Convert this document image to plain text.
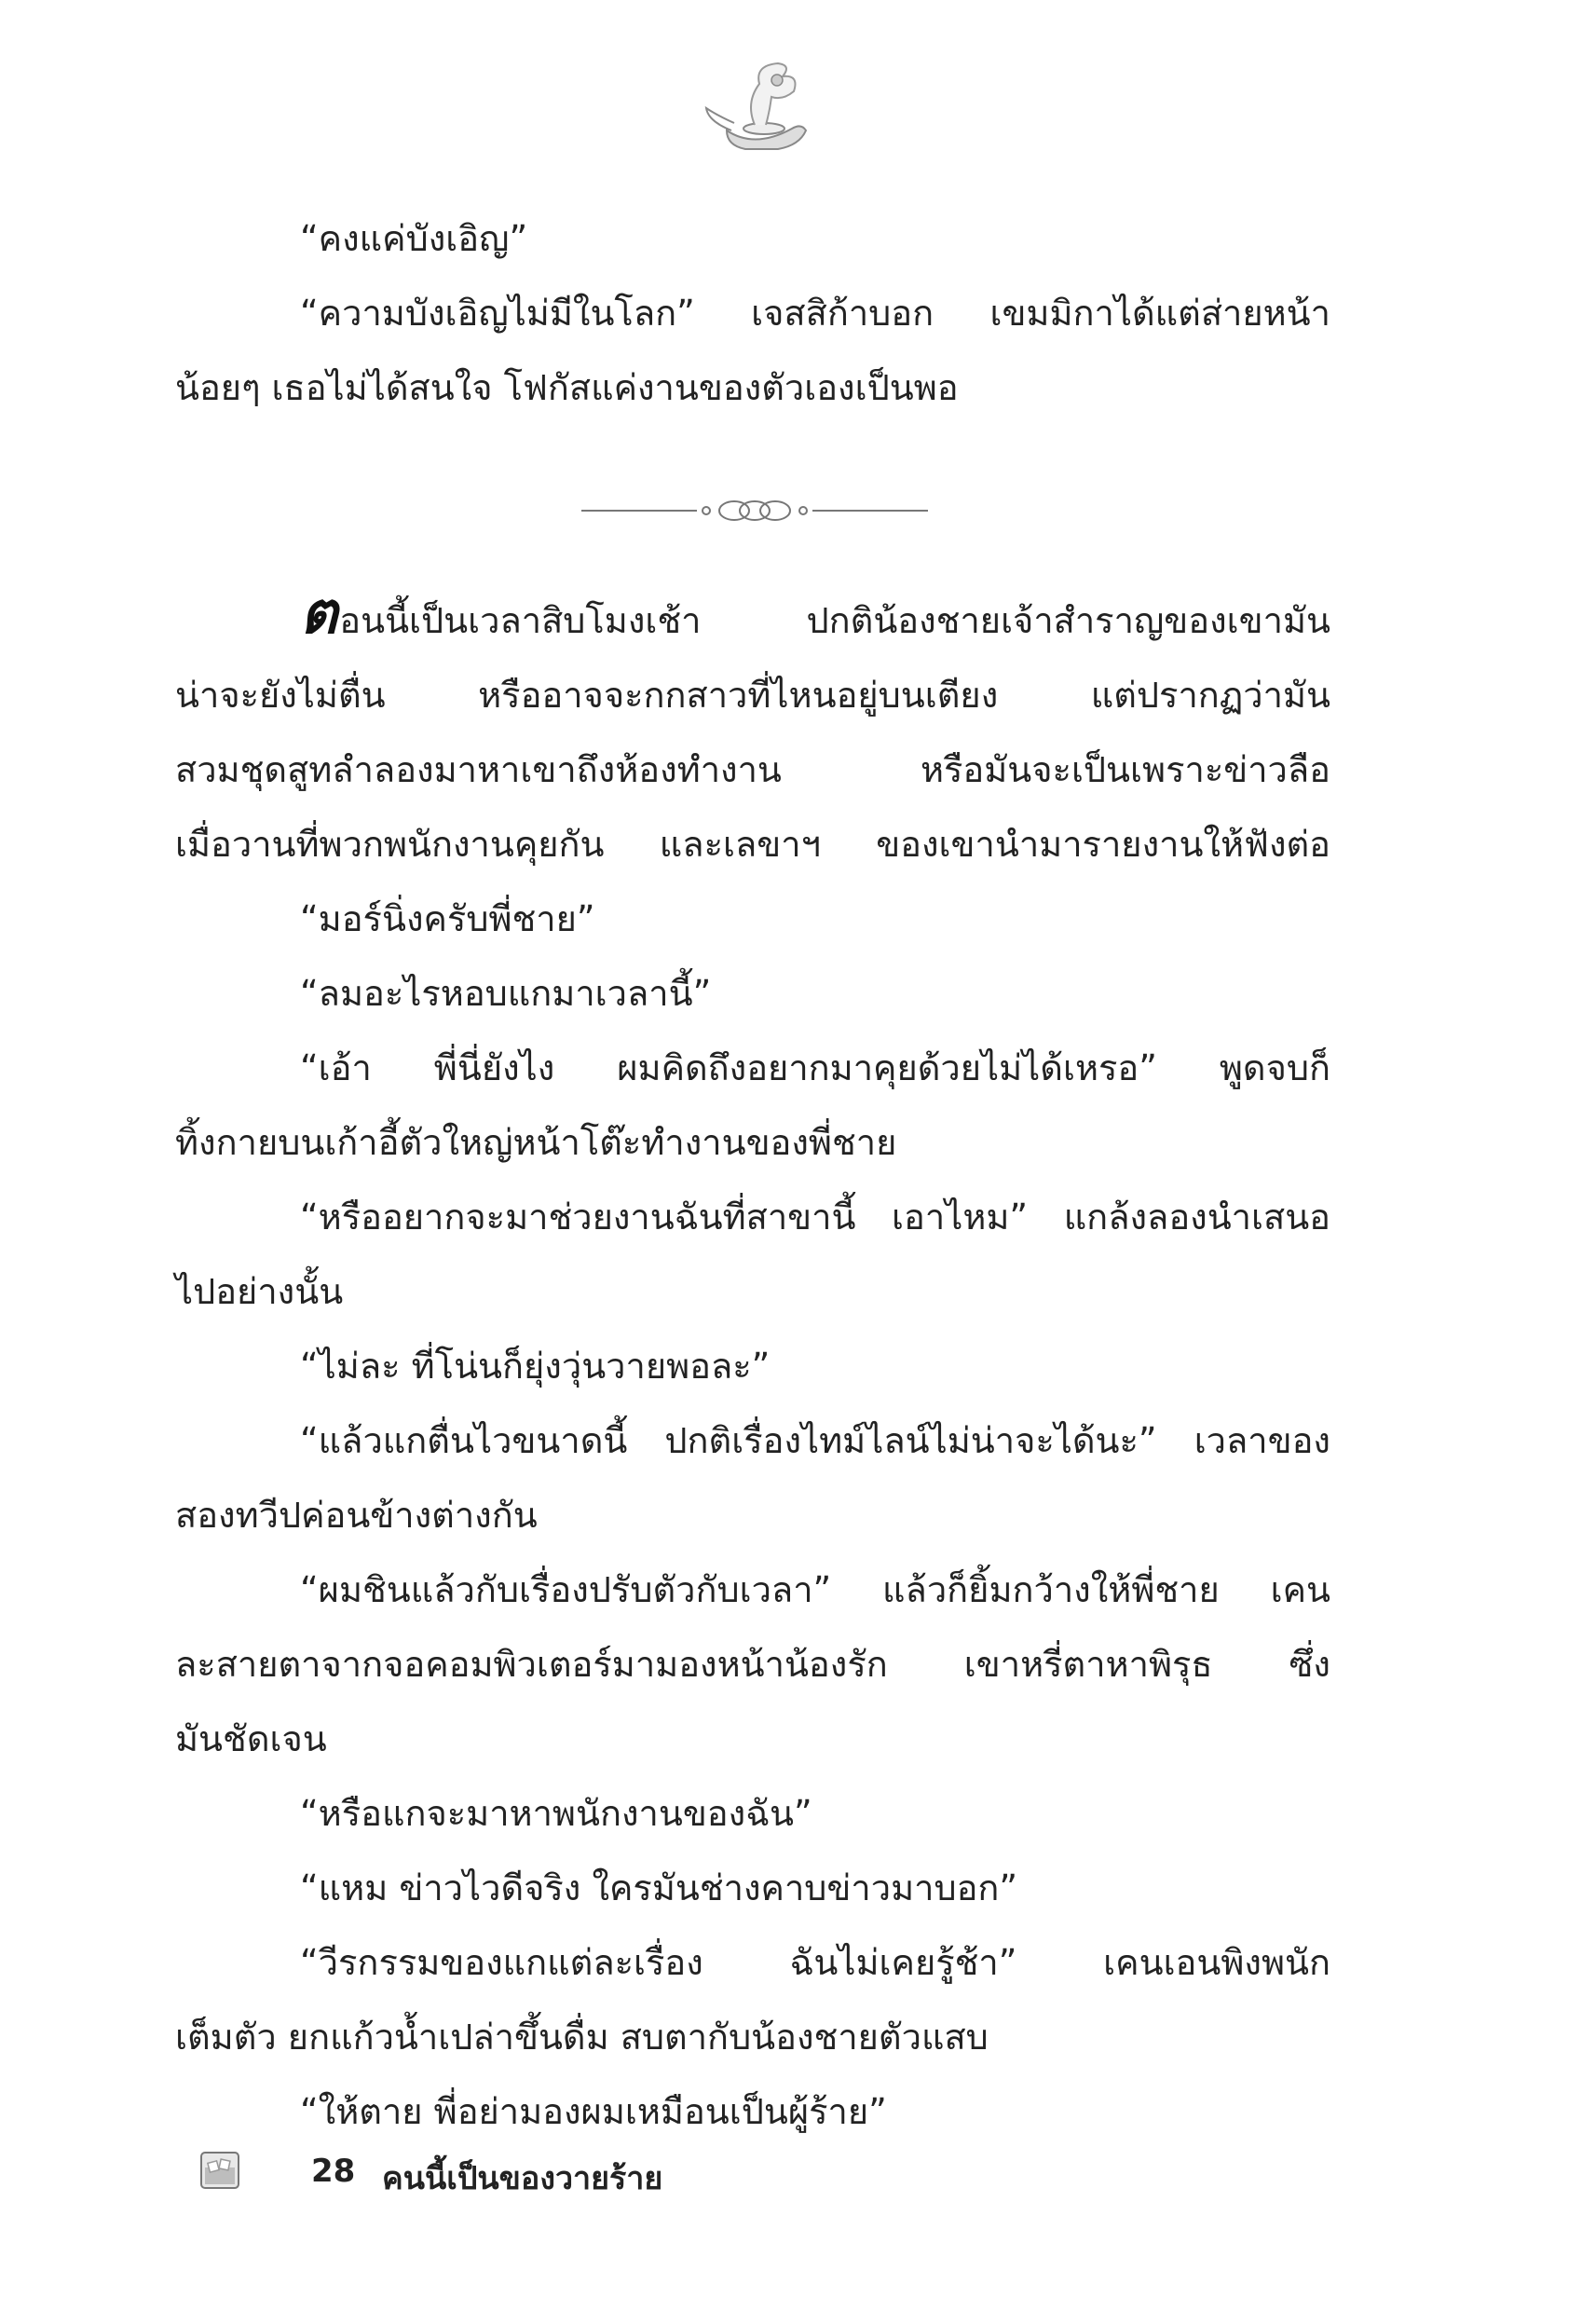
“คงแค่บังเอิญ”
“ความบังเอิญไม่มีในโลก” เจสสิก้าบอก เขมมิกาได้แต่ส่ายหน้า
น้อยๆ เธอไม่ได้สนใจ โฟกัสแค่งานของตัวเองเป็นพอ
ตอนนี้เป็นเวลาสิบโมงเช้า ปกติน้องชายเจ้าสำราญของเขามัน
น่าจะยังไม่ตื่น หรืออาจจะกกสาวที่ไหนอยู่บนเตียง แต่ปรากฏว่ามัน
สวมชุดสูทลำลองมาหาเขาถึงห้องทำงาน หรือมันจะเป็นเพราะข่าวลือ
เมื่อวานที่พวกพนักงานคุยกัน และเลขาฯ ของเขานำมารายงานให้ฟังต่อ
“มอร์นิ่งครับพี่ชาย”
“ลมอะไรหอบแกมาเวลานี้”
“เอ้า พี่นี่ยังไง ผมคิดถึงอยากมาคุยด้วยไม่ได้เหรอ” พูดจบก็
ทิ้งกายบนเก้าอี้ตัวใหญ่หน้าโต๊ะทำงานของพี่ชาย
“หรืออยากจะมาช่วยงานฉันที่สาขานี้ เอาไหม” แกล้งลองนำเสนอ
ไปอย่างนั้น
“ไม่ละ ที่โน่นก็ยุ่งวุ่นวายพอละ”
“แล้วแกตื่นไวขนาดนี้ ปกติเรื่องไทม์ไลน์ไม่น่าจะได้นะ” เวลาของ
สองทวีปค่อนข้างต่างกัน
“ผมชินแล้วกับเรื่องปรับตัวกับเวลา” แล้วก็ยิ้มกว้างให้พี่ชาย เคน
ละสายตาจากจอคอมพิวเตอร์มามองหน้าน้องรัก เขาหรี่ตาหาพิรุธ ซึ่ง
มันชัดเจน
“หรือแกจะมาหาพนักงานของฉัน”
“แหม ข่าวไวดีจริง ใครมันช่างคาบข่าวมาบอก”
“วีรกรรมของแกแต่ละเรื่อง ฉันไม่เคยรู้ช้า” เคนเอนพิงพนัก
เต็มตัว ยกแก้วน้ำเปล่าขึ้นดื่ม สบตากับน้องชายตัวแสบ
“ให้ตาย พี่อย่ามองผมเหมือนเป็นผู้ร้าย”
28 คนนี้เป็นของวายร้าย
